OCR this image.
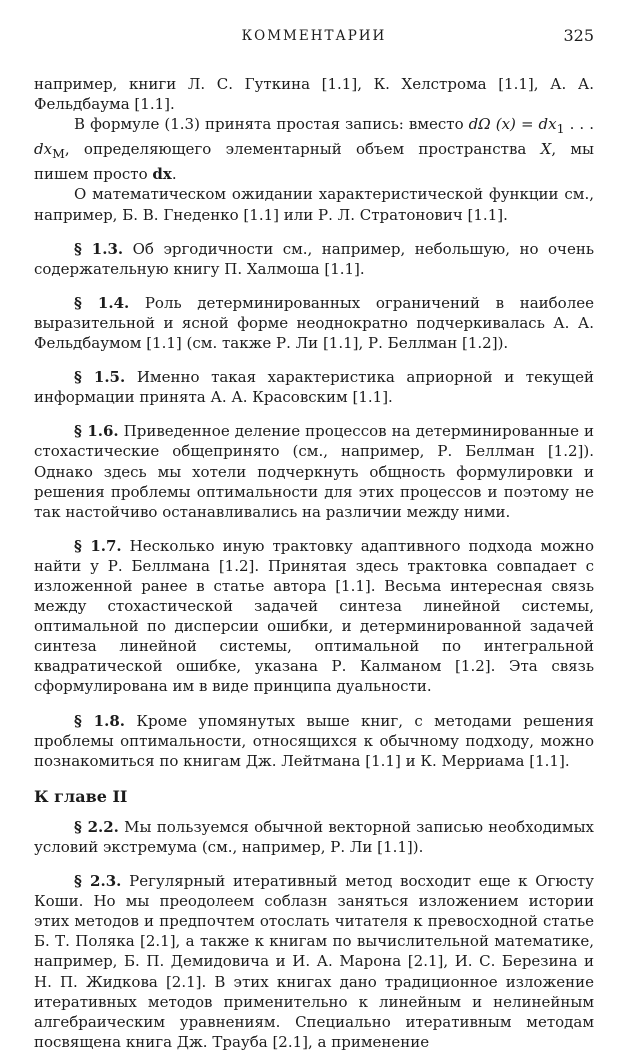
КОММЕНТАРИИ	325

например, книги Л. С. Гуткина [1.1], К. Хелстрома [1.1], А. А. Фельдбаума [1.1].

В формуле (1.3) принята простая запись: вместо dΩ $(x) = dx_1$ . . . $dx_M$, определяющего элементарный объем пространства X, мы пишем просто dx.

О математическом ожидании характеристической функции см., например, Б. В. Гнеденко [1.1] или Р. Л. Стратонович [1.1].

§ 1.3. Об эргодичности см., например, небольшую, но очень содержательную книгу П. Халмоша [1.1].

§ 1.4. Роль детерминированных ограничений в наиболее выразительной и ясной форме неоднократно подчеркивалась А. А. Фельдбаумом [1.1] (см. также Р. Ли [1.1], Р. Беллман [1.2]).

§ 1.5. Именно такая характеристика априорной и текущей информации принята А. А. Красовским [1.1].

§ 1.6. Приведенное деление процессов на детерминированные и стохастические общепринято (см., например, Р. Беллман [1.2]). Однако здесь мы хотели подчеркнуть общность формулировки и решения проблемы оптимальности для этих процессов и поэтому не так настойчиво останавливались на различии между ними.

§ 1.7. Несколько иную трактовку адаптивного подхода можно найти у Р. Беллмана [1.2]. Принятая здесь трактовка совпадает с изложенной ранее в статье автора [1.1]. Весьма интересная связь между стохастической задачей синтеза линейной системы, оптимальной по дисперсии ошибки, и детерминированной задачей синтеза линейной системы, оптимальной по интегральной квадратической ошибке, указана Р. Калманом [1.2]. Эта связь сформулирована им в виде принципа дуальности.

§ 1.8. Кроме упомянутых выше книг, с методами решения проблемы оптимальности, относящихся к обычному подходу, можно познакомиться по книгам Дж. Лейтмана [1.1] и К. Мерриама [1.1].

К главе II

§ 2.2. Мы пользуемся обычной векторной записью необходимых условий экстремума (см., например, Р. Ли [1.1]).

§ 2.3. Регулярный итеративный метод восходит еще к Огюсту Коши. Но мы преодолеем соблазн заняться изложением истории этих методов и предпочтем отослать читателя к превосходной статье Б. Т. Поляка [2.1], а также к книгам по вычислительной математике, например, Б. П. Демидовича и И. А. Марона [2.1], И. С. Березина и Н. П. Жидкова [2.1]. В этих книгах дано традиционное изложение итеративных методов применительно к линейным и нелинейным алгебраическим уравнениям. Специально итеративным методам посвящена книга Дж. Трауба [2.1], а применение
